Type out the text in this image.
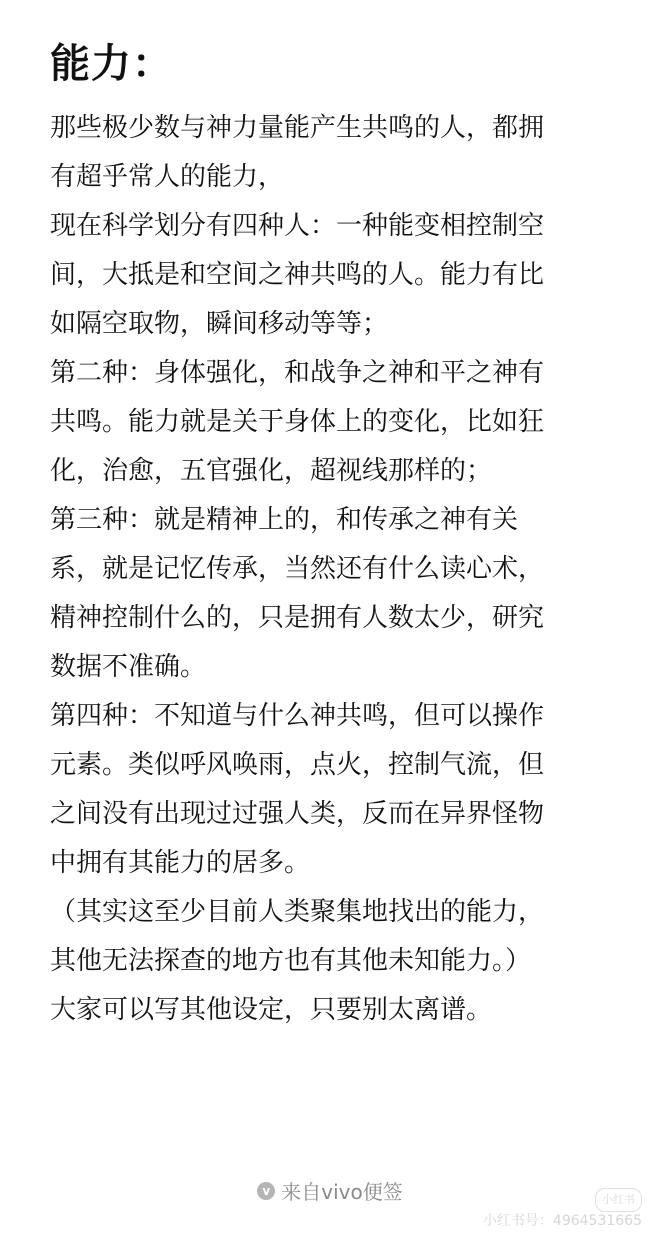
能力：

那些极少数与神力量能产生共鸣的人，都拥

有超乎常人的能力，

现在科学划分有四种人：一种能变相控制空

间，大抵是和空间之神共鸣的人。能力有比

如隔空取物，瞬间移动等等；

第二种：身体强化，和战争之神和平之神有

共鸣。能力就是关于身体上的变化，比如狂

化，治愈，五官强化，超视线那样的；

第三种：就是精神上的，和传承之神有关

系，就是记忆传承，当然还有什么读心术，

精神控制什么的，只是拥有人数太少，研究

数据不准确。

第四种：不知道与什么神共鸣，但可以操作

元素。类似呼风唤雨，点火，控制气流，但

之间没有出现过过强人类，反而在异界怪物

中拥有其能力的居多。

（其实这至少目前人类聚集地找出的能力，

其他无法探查的地方也有其他未知能力。）

大家可以写其他设定，只要别太离谱。

v 来自vivo便签	小红书
小红书号：4964531665
